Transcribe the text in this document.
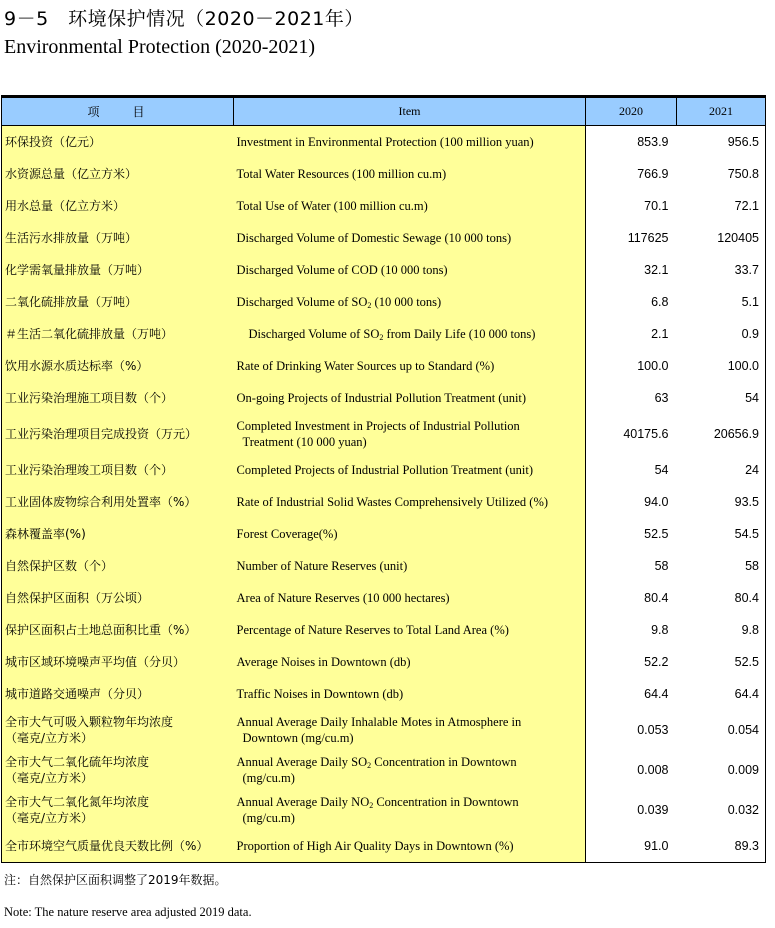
9－5　环境保护情况（2020－2021年）
Environmental Protection (2020-2021)
项　　目	Item	2020	2021
环保投资（亿元）	Investment in Environmental Protection (100 million yuan)	853.9	956.5
水资源总量（亿立方米）	Total Water Resources (100 million cu.m)	766.9	750.8
用水总量（亿立方米）	Total Use of Water (100 million cu.m)	70.1	72.1
生活污水排放量（万吨）	Discharged Volume of Domestic Sewage (10 000 tons)	117625	120405
化学需氧量排放量（万吨）	Discharged Volume of COD (10 000 tons)	32.1	33.7
二氧化硫排放量（万吨）	Discharged Volume of $SO_2$ (10 000 tons)	6.8	5.1
＃生活二氧化硫排放量（万吨）	Discharged Volume of $SO_2$ from Daily Life (10 000 tons)	2.1	0.9
饮用水源水质达标率（%）	Rate of Drinking Water Sources up to Standard (%)	100.0	100.0
工业污染治理施工项目数（个）	On-going Projects of Industrial Pollution Treatment (unit)	63	54
工业污染治理项目完成投资（万元）	Completed Investment in Projects of Industrial Pollution
Treatment (10 000 yuan)	40175.6	20656.9
工业污染治理竣工项目数（个）	Completed Projects of Industrial Pollution Treatment (unit)	54	24
工业固体废物综合利用处置率（%）	Rate of Industrial Solid Wastes Comprehensively Utilized (%)	94.0	93.5
森林覆盖率(%)	Forest Coverage(%)	52.5	54.5
自然保护区数（个）	Number of Nature Reserves (unit)	58	58
自然保护区面积（万公顷）	Area of Nature Reserves (10 000 hectares)	80.4	80.4
保护区面积占土地总面积比重（%）	Percentage of Nature Reserves to Total Land Area (%)	9.8	9.8
城市区域环境噪声平均值（分贝）	Average Noises in Downtown (db)	52.2	52.5
城市道路交通噪声（分贝）	Traffic Noises in Downtown (db)	64.4	64.4
全市大气可吸入颗粒物年均浓度
（毫克/立方米）	Annual Average Daily Inhalable Motes in Atmosphere in
Downtown (mg/cu.m)	0.053	0.054
全市大气二氧化硫年均浓度
（毫克/立方米）	Annual Average Daily $SO_2$ Concentration in Downtown
(mg/cu.m)	0.008	0.009
全市大气二氧化氮年均浓度
（毫克/立方米）	Annual Average Daily $NO_2$ Concentration in Downtown
(mg/cu.m)	0.039	0.032
全市环境空气质量优良天数比例（%）	Proportion of High Air Quality Days in Downtown (%)	91.0	89.3
注：自然保护区面积调整了2019年数据。
Note: The nature reserve area adjusted 2019 data.
